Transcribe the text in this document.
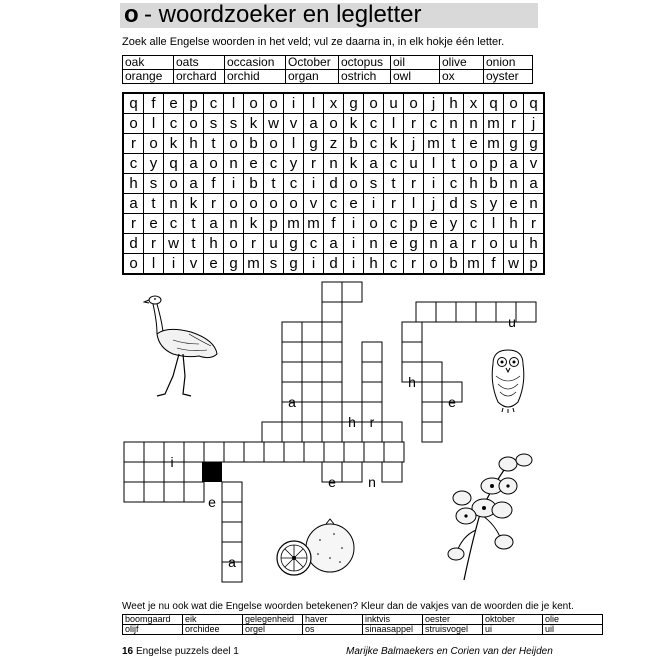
o - woordzoeker en legletter
Zoek alle Engelse woorden in het veld; vul ze daarna in, in elk hokje één letter.
oak	oats	occasion	October	octopus	oil	olive	onion
orange	orchard	orchid	organ	ostrich	owl	ox	oyster
q	f	e	p	c	l	o	o	i	l	x	g	o	u	o	j	h	x	q	o	q
o	l	c	o	s	s	k	w	v	a	o	k	c	l	r	c	n	n	m	r	j
r	o	k	h	t	o	b	o	l	g	z	b	c	k	j	m	t	e	m	g	g
c	y	q	a	o	n	e	c	y	r	n	k	a	c	u	l	t	o	p	a	v
h	s	o	a	f	i	b	t	c	i	d	o	s	t	r	i	c	h	b	n	a
a	t	n	k	r	o	o	o	o	v	c	e	i	r	l	j	d	s	y	e	n
r	e	c	t	a	n	k	p	m	m	f	i	o	c	p	e	y	c	l	h	r
d	r	w	t	h	o	r	u	g	c	a	i	n	e	g	n	a	r	o	u	h
o	l	i	v	e	g	m	s	g	i	d	i	h	c	r	o	b	m	f	w	p
u
h
a	e
h r
i
e n
e
a
Weet je nu ook wat die Engelse woorden betekenen? Kleur dan de vakjes van de woorden die je kent.
boomgaard	eik	gelegenheid	haver	inktvis	oester	oktober	olie
olijf	orchidee	orgel	os	sinaasappel	struisvogel	ui	uil
16 Engelse puzzels deel 1	Marijke Balmaekers en Corien van der Heijden
